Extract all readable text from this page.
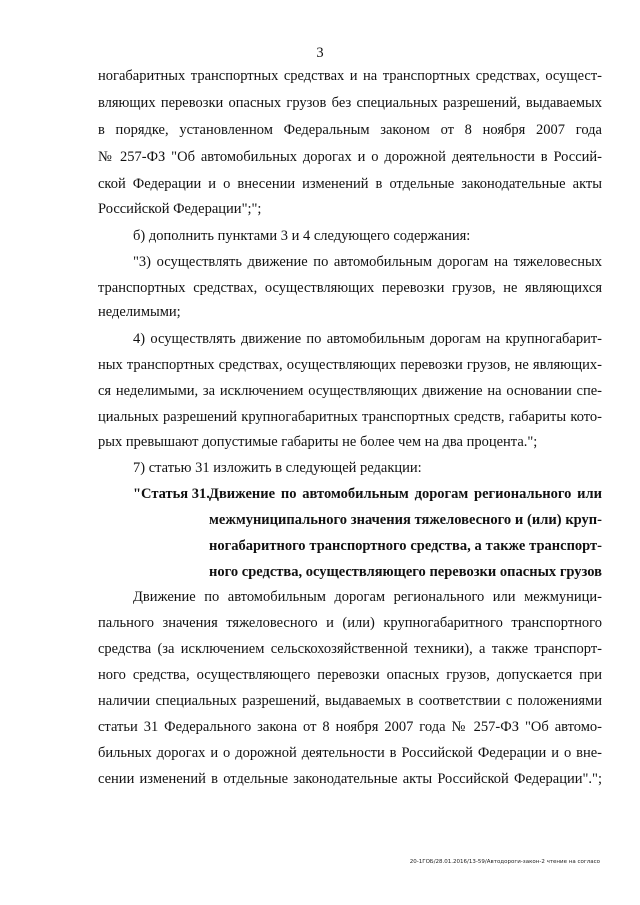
3
ногабаритных транспортных средствах и на транспортных средствах, осущест-
вляющих перевозки опасных грузов без специальных разрешений, выдаваемых
в порядке, установленном Федеральным законом от 8 ноября 2007 года
№ 257-ФЗ "Об автомобильных дорогах и о дорожной деятельности в Россий-
ской Федерации и о внесении изменений в отдельные законодательные акты
Российской Федерации";";
б) дополнить пунктами 3 и 4 следующего содержания:
"3) осуществлять движение по автомобильным дорогам на тяжеловесных
транспортных средствах, осуществляющих перевозки грузов, не являющихся
неделимыми;
4) осуществлять движение по автомобильным дорогам на крупногабарит-
ных транспортных средствах, осуществляющих перевозки грузов, не являющих-
ся неделимыми, за исключением осуществляющих движение на основании спе-
циальных разрешений крупногабаритных транспортных средств, габариты кото-
рых превышают допустимые габариты не более чем на два процента.";
7) статью 31 изложить в следующей редакции:
"Статья 31. Движение по автомобильным дорогам регионального или
межмуниципального значения тяжеловесного и (или) круп-
ногабаритного транспортного средства, а также транспорт-
ного средства, осуществляющего перевозки опасных грузов
Движение по автомобильным дорогам регионального или межмуници-
пального значения тяжеловесного и (или) крупногабаритного транспортного
средства (за исключением сельскохозяйственной техники), а также транспорт-
ного средства, осуществляющего перевозки опасных грузов, допускается при
наличии специальных разрешений, выдаваемых в соответствии с положениями
статьи 31 Федерального закона от 8 ноября 2007 года № 257-ФЗ "Об автомо-
бильных дорогах и о дорожной деятельности в Российской Федерации и о вне-
сении изменений в отдельные законодательные акты Российской Федерации".";
20-1ГОБ/28.01.2016/13-59/Автодороги-закон-2 чтение на согласо
